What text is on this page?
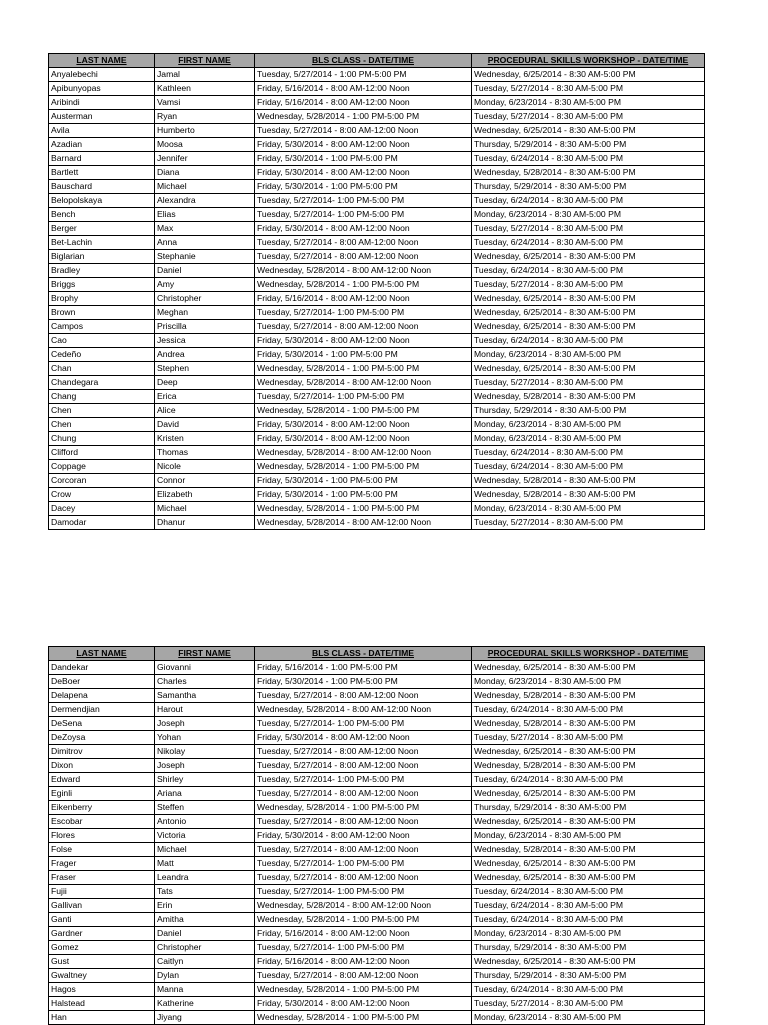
LAST NAME	FIRST NAME	BLS CLASS - DATE/TIME	PROCEDURAL SKILLS WORKSHOP - DATE/TIME
Anyalebechi	Jamal	Tuesday, 5/27/2014 - 1:00 PM-5:00 PM	Wednesday, 6/25/2014 - 8:30 AM-5:00 PM
Apibunyopas	Kathleen	Friday, 5/16/2014 - 8:00 AM-12:00 Noon	Tuesday, 5/27/2014 - 8:30 AM-5:00 PM
Aribindi	Vamsi	Friday, 5/16/2014 - 8:00 AM-12:00 Noon	Monday, 6/23/2014 - 8:30 AM-5:00 PM
Austerman	Ryan	Wednesday, 5/28/2014 - 1:00 PM-5:00 PM	Tuesday, 5/27/2014 - 8:30 AM-5:00 PM
Avila	Humberto	Tuesday, 5/27/2014 - 8:00 AM-12:00 Noon	Wednesday, 6/25/2014 - 8:30 AM-5:00 PM
Azadian	Moosa	Friday, 5/30/2014 - 8:00 AM-12:00 Noon	Thursday, 5/29/2014 - 8:30 AM-5:00 PM
Barnard	Jennifer	Friday, 5/30/2014 - 1:00 PM-5:00 PM	Tuesday, 6/24/2014 - 8:30 AM-5:00 PM
Bartlett	Diana	Friday, 5/30/2014 - 8:00 AM-12:00 Noon	Wednesday, 5/28/2014 - 8:30 AM-5:00 PM
Bauschard	Michael	Friday, 5/30/2014 - 1:00 PM-5:00 PM	Thursday, 5/29/2014 - 8:30 AM-5:00 PM
Belopolskaya	Alexandra	Tuesday, 5/27/2014- 1:00 PM-5:00 PM	Tuesday, 6/24/2014 - 8:30 AM-5:00 PM
Bench	Elias	Tuesday, 5/27/2014- 1:00 PM-5:00 PM	Monday, 6/23/2014 - 8:30 AM-5:00 PM
Berger	Max	Friday, 5/30/2014 - 8:00 AM-12:00 Noon	Tuesday, 5/27/2014 - 8:30 AM-5:00 PM
Bet-Lachin	Anna	Tuesday, 5/27/2014 - 8:00 AM-12:00 Noon	Tuesday, 6/24/2014 - 8:30 AM-5:00 PM
Biglarian	Stephanie	Tuesday, 5/27/2014 - 8:00 AM-12:00 Noon	Wednesday, 6/25/2014 - 8:30 AM-5:00 PM
Bradley	Daniel	Wednesday, 5/28/2014 - 8:00 AM-12:00 Noon	Tuesday, 6/24/2014 - 8:30 AM-5:00 PM
Briggs	Amy	Wednesday, 5/28/2014 - 1:00 PM-5:00 PM	Tuesday, 5/27/2014 - 8:30 AM-5:00 PM
Brophy	Christopher	Friday, 5/16/2014 - 8:00 AM-12:00 Noon	Wednesday, 6/25/2014 - 8:30 AM-5:00 PM
Brown	Meghan	Tuesday, 5/27/2014- 1:00 PM-5:00 PM	Wednesday, 6/25/2014 - 8:30 AM-5:00 PM
Campos	Priscilla	Tuesday, 5/27/2014 - 8:00 AM-12:00 Noon	Wednesday, 6/25/2014 - 8:30 AM-5:00 PM
Cao	Jessica	Friday, 5/30/2014 - 8:00 AM-12:00 Noon	Tuesday, 6/24/2014 - 8:30 AM-5:00 PM
Cedeño	Andrea	Friday, 5/30/2014 - 1:00 PM-5:00 PM	Monday, 6/23/2014 - 8:30 AM-5:00 PM
Chan	Stephen	Wednesday, 5/28/2014 - 1:00 PM-5:00 PM	Wednesday, 6/25/2014 - 8:30 AM-5:00 PM
Chandegara	Deep	Wednesday, 5/28/2014 - 8:00 AM-12:00 Noon	Tuesday, 5/27/2014 - 8:30 AM-5:00 PM
Chang	Erica	Tuesday, 5/27/2014- 1:00 PM-5:00 PM	Wednesday, 5/28/2014 - 8:30 AM-5:00 PM
Chen	Alice	Wednesday, 5/28/2014 - 1:00 PM-5:00 PM	Thursday, 5/29/2014 - 8:30 AM-5:00 PM
Chen	David	Friday, 5/30/2014 - 8:00 AM-12:00 Noon	Monday, 6/23/2014 - 8:30 AM-5:00 PM
Chung	Kristen	Friday, 5/30/2014 - 8:00 AM-12:00 Noon	Monday, 6/23/2014 - 8:30 AM-5:00 PM
Clifford	Thomas	Wednesday, 5/28/2014 - 8:00 AM-12:00 Noon	Tuesday, 6/24/2014 - 8:30 AM-5:00 PM
Coppage	Nicole	Wednesday, 5/28/2014 - 1:00 PM-5:00 PM	Tuesday, 6/24/2014 - 8:30 AM-5:00 PM
Corcoran	Connor	Friday, 5/30/2014 - 1:00 PM-5:00 PM	Wednesday, 5/28/2014 - 8:30 AM-5:00 PM
Crow	Elizabeth	Friday, 5/30/2014 - 1:00 PM-5:00 PM	Wednesday, 5/28/2014 - 8:30 AM-5:00 PM
Dacey	Michael	Wednesday, 5/28/2014 - 1:00 PM-5:00 PM	Monday, 6/23/2014 - 8:30 AM-5:00 PM
Damodar	Dhanur	Wednesday, 5/28/2014 - 8:00 AM-12:00 Noon	Tuesday, 5/27/2014 - 8:30 AM-5:00 PM
LAST NAME	FIRST NAME	BLS CLASS - DATE/TIME	PROCEDURAL SKILLS WORKSHOP - DATE/TIME
Dandekar	Giovanni	Friday, 5/16/2014 - 1:00 PM-5:00 PM	Wednesday, 6/25/2014 - 8:30 AM-5:00 PM
DeBoer	Charles	Friday, 5/30/2014 - 1:00 PM-5:00 PM	Monday, 6/23/2014 - 8:30 AM-5:00 PM
Delapena	Samantha	Tuesday, 5/27/2014 - 8:00 AM-12:00 Noon	Wednesday, 5/28/2014 - 8:30 AM-5:00 PM
Dermendjian	Harout	Wednesday, 5/28/2014 - 8:00 AM-12:00 Noon	Tuesday, 6/24/2014 - 8:30 AM-5:00 PM
DeSena	Joseph	Tuesday, 5/27/2014- 1:00 PM-5:00 PM	Wednesday, 5/28/2014 - 8:30 AM-5:00 PM
DeZoysa	Yohan	Friday, 5/30/2014 - 8:00 AM-12:00 Noon	Tuesday, 5/27/2014 - 8:30 AM-5:00 PM
Dimitrov	Nikolay	Tuesday, 5/27/2014 - 8:00 AM-12:00 Noon	Wednesday, 6/25/2014 - 8:30 AM-5:00 PM
Dixon	Joseph	Tuesday, 5/27/2014 - 8:00 AM-12:00 Noon	Wednesday, 5/28/2014 - 8:30 AM-5:00 PM
Edward	Shirley	Tuesday, 5/27/2014- 1:00 PM-5:00 PM	Tuesday, 6/24/2014 - 8:30 AM-5:00 PM
Eginli	Ariana	Tuesday, 5/27/2014 - 8:00 AM-12:00 Noon	Wednesday, 6/25/2014 - 8:30 AM-5:00 PM
Eikenberry	Steffen	Wednesday, 5/28/2014 - 1:00 PM-5:00 PM	Thursday, 5/29/2014 - 8:30 AM-5:00 PM
Escobar	Antonio	Tuesday, 5/27/2014 - 8:00 AM-12:00 Noon	Wednesday, 6/25/2014 - 8:30 AM-5:00 PM
Flores	Victoria	Friday, 5/30/2014 - 8:00 AM-12:00 Noon	Monday, 6/23/2014 - 8:30 AM-5:00 PM
Folse	Michael	Tuesday, 5/27/2014 - 8:00 AM-12:00 Noon	Wednesday, 5/28/2014 - 8:30 AM-5:00 PM
Frager	Matt	Tuesday, 5/27/2014- 1:00 PM-5:00 PM	Wednesday, 6/25/2014 - 8:30 AM-5:00 PM
Fraser	Leandra	Tuesday, 5/27/2014 - 8:00 AM-12:00 Noon	Wednesday, 6/25/2014 - 8:30 AM-5:00 PM
Fujii	Tats	Tuesday, 5/27/2014- 1:00 PM-5:00 PM	Tuesday, 6/24/2014 - 8:30 AM-5:00 PM
Gallivan	Erin	Wednesday, 5/28/2014 - 8:00 AM-12:00 Noon	Tuesday, 6/24/2014 - 8:30 AM-5:00 PM
Ganti	Amitha	Wednesday, 5/28/2014 - 1:00 PM-5:00 PM	Tuesday, 6/24/2014 - 8:30 AM-5:00 PM
Gardner	Daniel	Friday, 5/16/2014 - 8:00 AM-12:00 Noon	Monday, 6/23/2014 - 8:30 AM-5:00 PM
Gomez	Christopher	Tuesday, 5/27/2014- 1:00 PM-5:00 PM	Thursday, 5/29/2014 - 8:30 AM-5:00 PM
Gust	Caitlyn	Friday, 5/16/2014 - 8:00 AM-12:00 Noon	Wednesday, 6/25/2014 - 8:30 AM-5:00 PM
Gwaltney	Dylan	Tuesday, 5/27/2014 - 8:00 AM-12:00 Noon	Thursday, 5/29/2014 - 8:30 AM-5:00 PM
Hagos	Manna	Wednesday, 5/28/2014 - 1:00 PM-5:00 PM	Tuesday, 6/24/2014 - 8:30 AM-5:00 PM
Halstead	Katherine	Friday, 5/30/2014 - 8:00 AM-12:00 Noon	Tuesday, 5/27/2014 - 8:30 AM-5:00 PM
Han	Jiyang	Wednesday, 5/28/2014 - 1:00 PM-5:00 PM	Monday, 6/23/2014 - 8:30 AM-5:00 PM
